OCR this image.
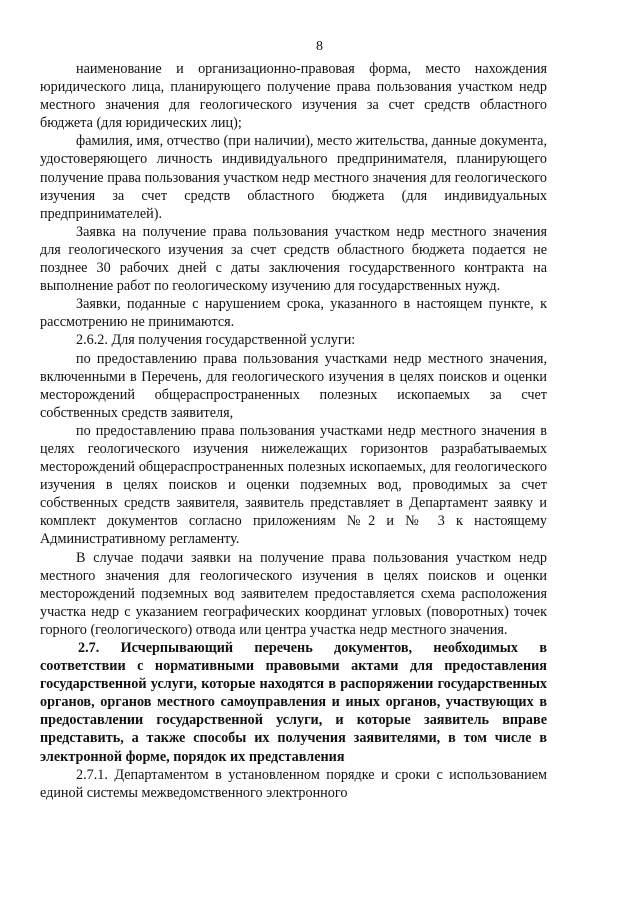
8

наименование и организационно-правовая форма, место нахождения юридического лица, планирующего получение права пользования участком недр местного значения для геологического изучения за счет средств областного бюджета (для юридических лиц);

фамилия, имя, отчество (при наличии), место жительства, данные документа, удостоверяющего личность индивидуального предпринимателя, планирующего получение права пользования участком недр местного значения для геологического изучения за счет средств областного бюджета (для индивидуальных предпринимателей).

Заявка на получение права пользования участком недр местного значения для геологического изучения за счет средств областного бюджета подается не позднее 30 рабочих дней с даты заключения государственного контракта на выполнение работ по геологическому изучению для государственных нужд.

Заявки, поданные с нарушением срока, указанного в настоящем пункте, к рассмотрению не принимаются.

2.6.2. Для получения государственной услуги:

по предоставлению права пользования участками недр местного значения, включенными в Перечень, для геологического изучения в целях поисков и оценки месторождений общераспространенных полезных ископаемых за счет собственных средств заявителя,

по предоставлению права пользования участками недр местного значения в целях геологического изучения нижележащих горизонтов разрабатываемых месторождений общераспространенных полезных ископаемых, для геологического изучения в целях поисков и оценки подземных вод, проводимых за счет собственных средств заявителя, заявитель представляет в Департамент заявку и комплект документов согласно приложениям №2 и № 3 к настоящему Административному регламенту.

В случае подачи заявки на получение права пользования участком недр местного значения для геологического изучения в целях поисков и оценки месторождений подземных вод заявителем предоставляется схема расположения участка недр с указанием географических координат угловых (поворотных) точек горного (геологического) отвода или центра участка недр местного значения.

2.7. Исчерпывающий перечень документов, необходимых в соответствии с нормативными правовыми актами для предоставления государственной услуги, которые находятся в распоряжении государственных органов, органов местного самоуправления и иных органов, участвующих в предоставлении государственной услуги, и которые заявитель вправе представить, а также способы их получения заявителями, в том числе в электронной форме, порядок их представления

2.7.1. Департаментом в установленном порядке и сроки с использованием единой системы межведомственного электронного
